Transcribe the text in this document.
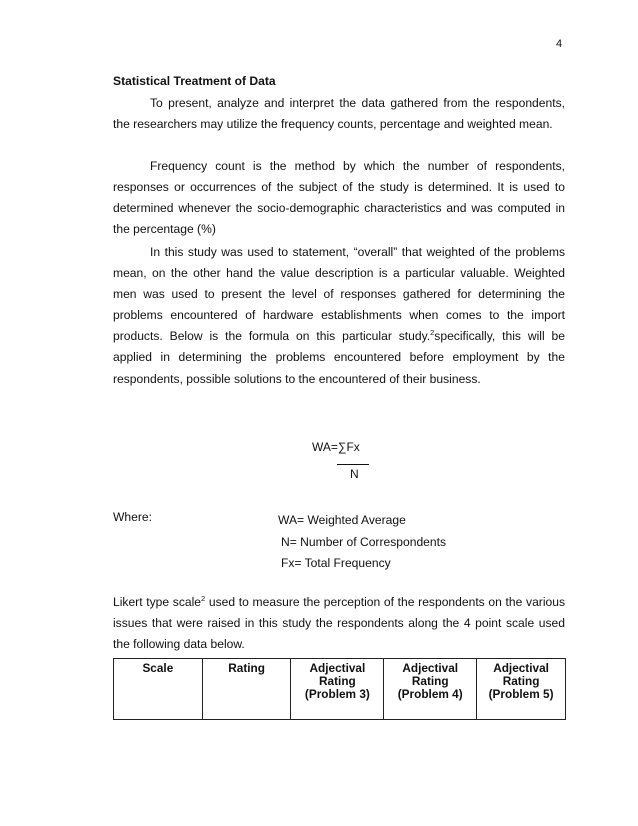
4
Statistical Treatment of Data

To present, analyze and interpret the data gathered from the respondents, the researchers may utilize the frequency counts, percentage and weighted mean.

Frequency count is the method by which the number of respondents, responses or occurrences of the subject of the study is determined. It is used to determined whenever the socio-demographic characteristics and was computed in the percentage (%)

In this study was used to statement, “overall” that weighted of the problems mean, on the other hand the value description is a particular valuable. Weighted men was used to present the level of responses gathered for determining the problems encountered of hardware establishments when comes to the import products. Below is the formula on this particular study.$^2$specifically, this will be applied in determining the problems encountered before employment by the respondents, possible solutions to the encountered of their business.

WA=∑Fx
N
Where:	WA= Weighted Average
N= Number of Correspondents
Fx= Total Frequency

Likert type scale$^2$ used to measure the perception of the respondents on the various issues that were raised in this study the respondents along the 4 point scale used the following data below.

Scale	Rating	Adjectival Rating (Problem 3)	Adjectival Rating (Problem 4)	Adjectival Rating (Problem 5)
